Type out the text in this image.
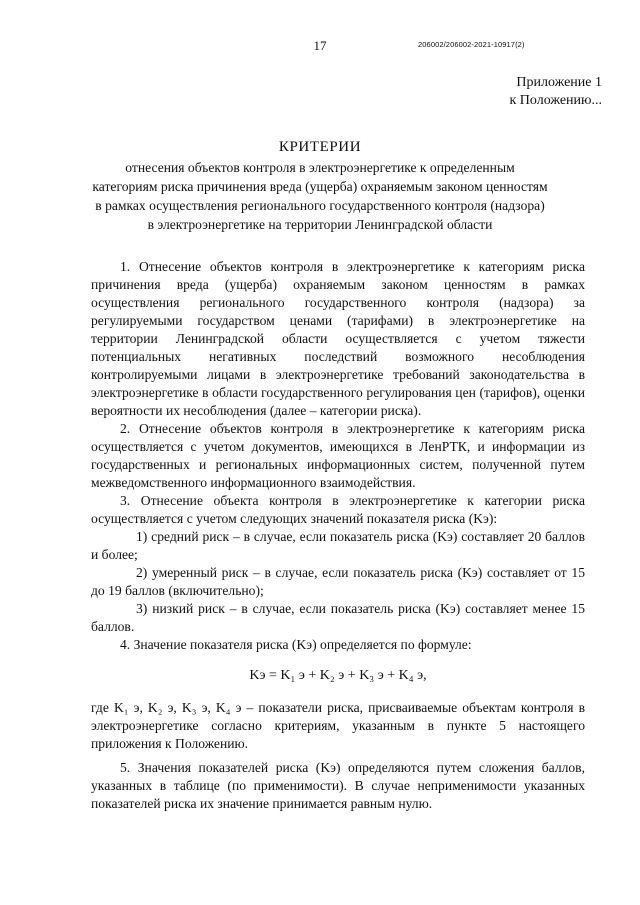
17	206002/206002-2021-10917(2)
Приложение 1
к Положению...
КРИТЕРИИ
отнесения объектов контроля в электроэнергетике к определенным категориям риска причинения вреда (ущерба) охраняемым законом ценностям в рамках осуществления регионального государственного контроля (надзора) в электроэнергетике на территории Ленинградской области

1. Отнесение объектов контроля в электроэнергетике к категориям риска причинения вреда (ущерба) охраняемым законом ценностям в рамках осуществления регионального государственного контроля (надзора) за регулируемыми государством ценами (тарифами) в электроэнергетике на территории Ленинградской области осуществляется с учетом тяжести потенциальных негативных последствий возможного несоблюдения контролируемыми лицами в электроэнергетике требований законодательства в электроэнергетике в области государственного регулирования цен (тарифов), оценки вероятности их несоблюдения (далее – категории риска).

2. Отнесение объектов контроля в электроэнергетике к категориям риска осуществляется с учетом документов, имеющихся в ЛенРТК, и информации из государственных и региональных информационных систем, полученной путем межведомственного информационного взаимодействия.

3. Отнесение объекта контроля в электроэнергетике к категории риска осуществляется с учетом следующих значений показателя риска (Kэ):

1) средний риск – в случае, если показатель риска (Kэ) составляет 20 баллов и более;

2) умеренный риск – в случае, если показатель риска (Kэ) составляет от 15 до 19 баллов (включительно);

3) низкий риск – в случае, если показатель риска (Kэ) составляет менее 15 баллов.

4. Значение показателя риска (Kэ) определяется по формуле:

Kэ = K₁ э + K₂ э + K₃ э + K₄ э,

где K₁ э, K₂ э, K₃ э, K₄ э – показатели риска, присваиваемые объектам контроля в электроэнергетике согласно критериям, указанным в пункте 5 настоящего приложения к Положению.

5. Значения показателей риска (Kэ) определяются путем сложения баллов, указанных в таблице (по применимости). В случае неприменимости указанных показателей риска их значение принимается равным нулю.
